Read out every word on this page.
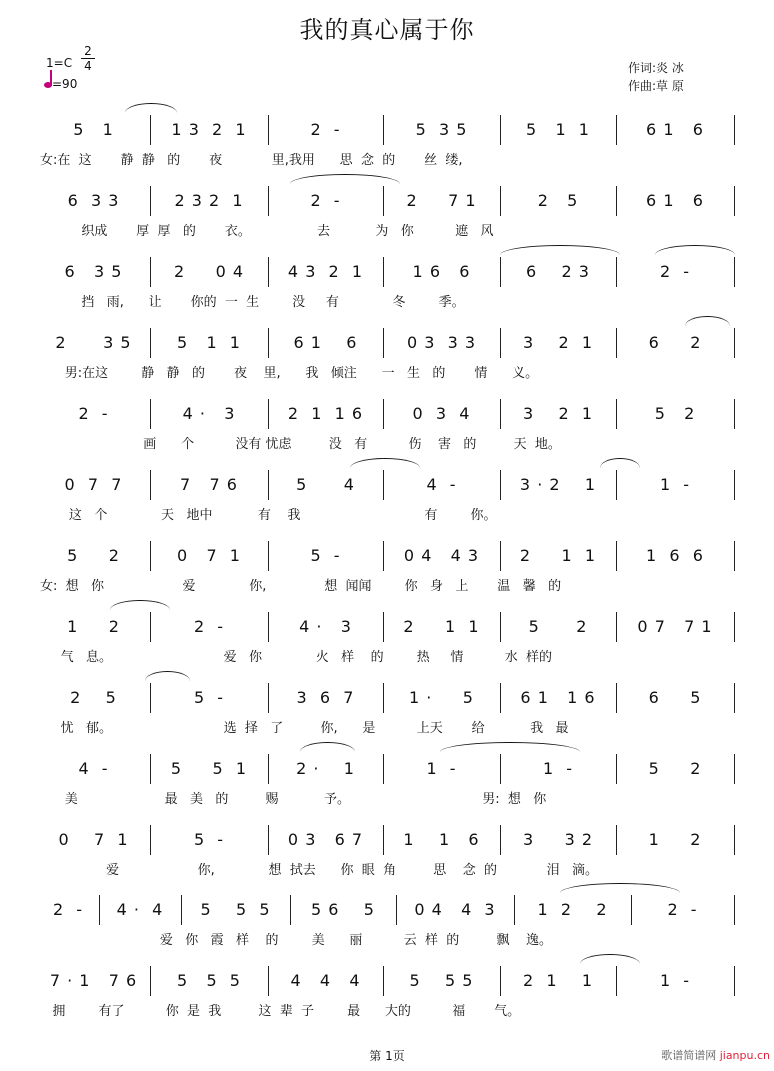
我的真心属于你
1=C
2
4
=90
作词:炎 冰
作曲:草 原
5   1	1 3  2  1	2  -	5  3 5	5   1  1	6 1   6
女:在  这       静  静   的       夜            里,我用      思  念  的       丝  缕,
6  3 3	2 3 2  1	2  -	2     7 1	2   5	6 1   6
织成       厚  厚   的       衣。                去           为   你          遮   风
6   3 5	2     0 4	4 3  2  1	1 6   6	6    2 3	2  -
挡   雨,      让       你的  一  生        没     有             冬        季。
2      3 5	5   1  1	6 1    6	0 3  3 3	3    2  1	6     2
男:在这        静   静   的       夜    里,      我   倾注      一   生   的       情      义。
2  -	4 ·   3	2  1  1 6	0  3  4	3    2  1	5   2
画      个          没有 忧虑         没   有          伤    害   的         天  地。
0  7  7	7   7 6	5      4	4  -	3 · 2    1	1  -
这   个             天   地中           有    我                              有        你。
5     2	0   7  1	5  -	0 4   4 3	2     1  1	1  6  6
女:  想   你                   爱             你,              想  闻闻        你   身   上       温   馨   的
1     2	2  -	4 ·   3	2     1  1	5      2	0 7   7 1
气   息。                           爱   你             火   样    的        热     情          水  样的
2    5	5  -	3  6  7	1 ·     5	6 1   1 6	6     5
忧   郁。                           选  择   了         你,      是          上天       给           我   最
4  -	5     5  1	2 ·    1	1  -	1  -	5     2
美                     最   美   的         赐           予。                                男:  想   你
0    7  1	5  -	0 3   6 7	1    1   6	3     3 2	1     2
爱                   你,             想  拭去      你  眼  角         思    念  的            泪   滴。
2  -	4 ·  4	5    5  5	5 6    5	0 4   4  3	1  2    2	2  -
爱   你   霞   样    的        美      丽          云  样  的         飘    逸。
7 · 1   7 6	5   5  5	4   4   4	5    5 5	2  1    1	1  -
拥        有了          你  是  我         这  辈  子        最      大的          福       气。
第 1页	歌谱简谱网 jianpu.cn
